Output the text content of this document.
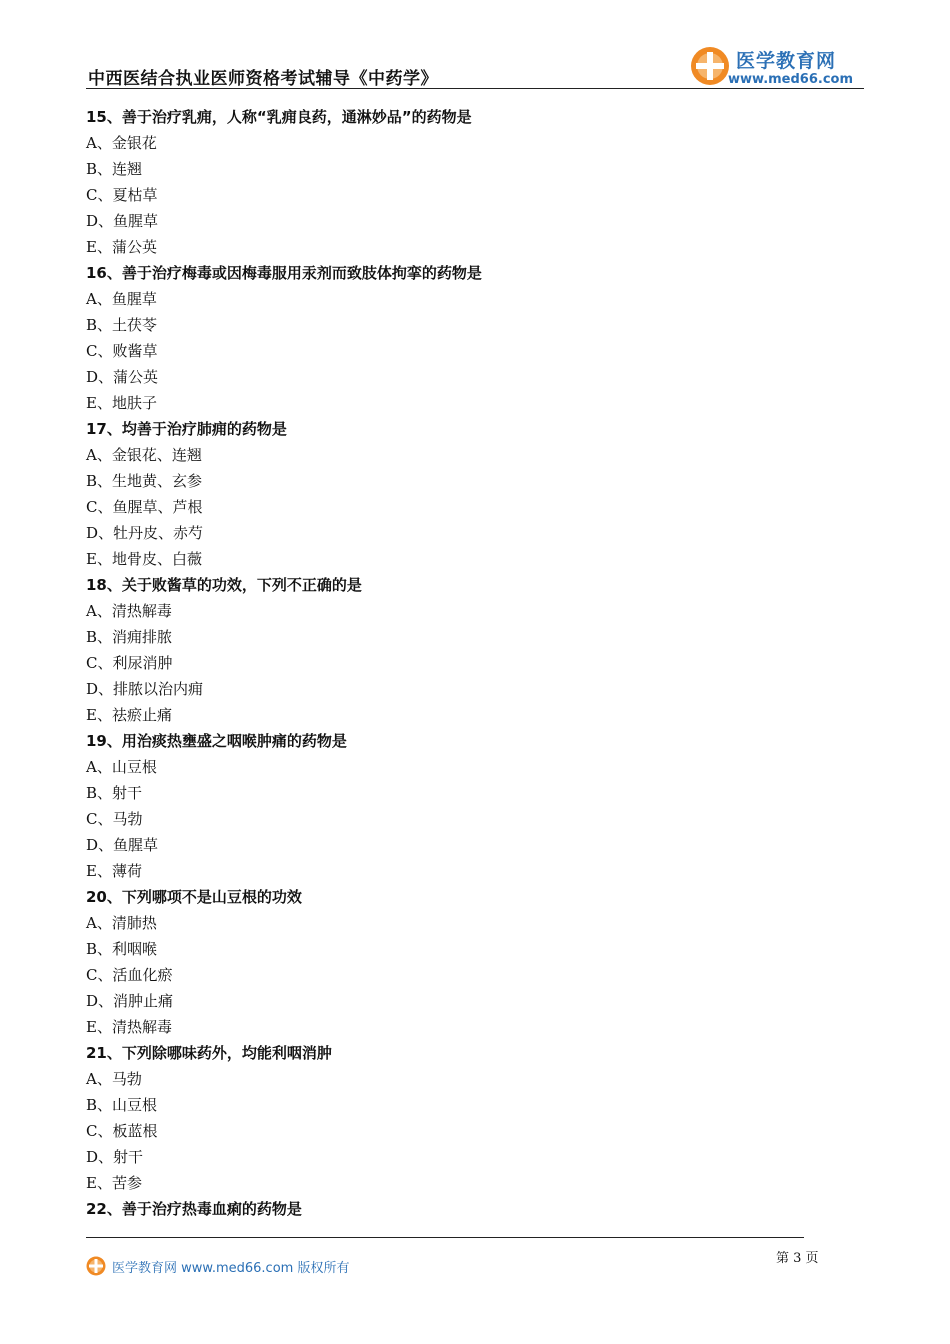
中西医结合执业医师资格考试辅导《中药学》
医学教育网
www.med66.com
15、善于治疗乳痈，人称“乳痈良药，通淋妙品”的药物是
A、金银花
B、连翘
C、夏枯草
D、鱼腥草
E、蒲公英
16、善于治疗梅毒或因梅毒服用汞剂而致肢体拘挛的药物是
A、鱼腥草
B、土茯苓
C、败酱草
D、蒲公英
E、地肤子
17、均善于治疗肺痈的药物是
A、金银花、连翘
B、生地黄、玄参
C、鱼腥草、芦根
D、牡丹皮、赤芍
E、地骨皮、白薇
18、关于败酱草的功效，下列不正确的是
A、清热解毒
B、消痈排脓
C、利尿消肿
D、排脓以治内痈
E、祛瘀止痛
19、用治痰热壅盛之咽喉肿痛的药物是
A、山豆根
B、射干
C、马勃
D、鱼腥草
E、薄荷
20、下列哪项不是山豆根的功效
A、清肺热
B、利咽喉
C、活血化瘀
D、消肿止痛
E、清热解毒
21、下列除哪味药外，均能利咽消肿
A、马勃
B、山豆根
C、板蓝根
D、射干
E、苦参
22、善于治疗热毒血痢的药物是
医学教育网 www.med66.com 版权所有
第 3 页
